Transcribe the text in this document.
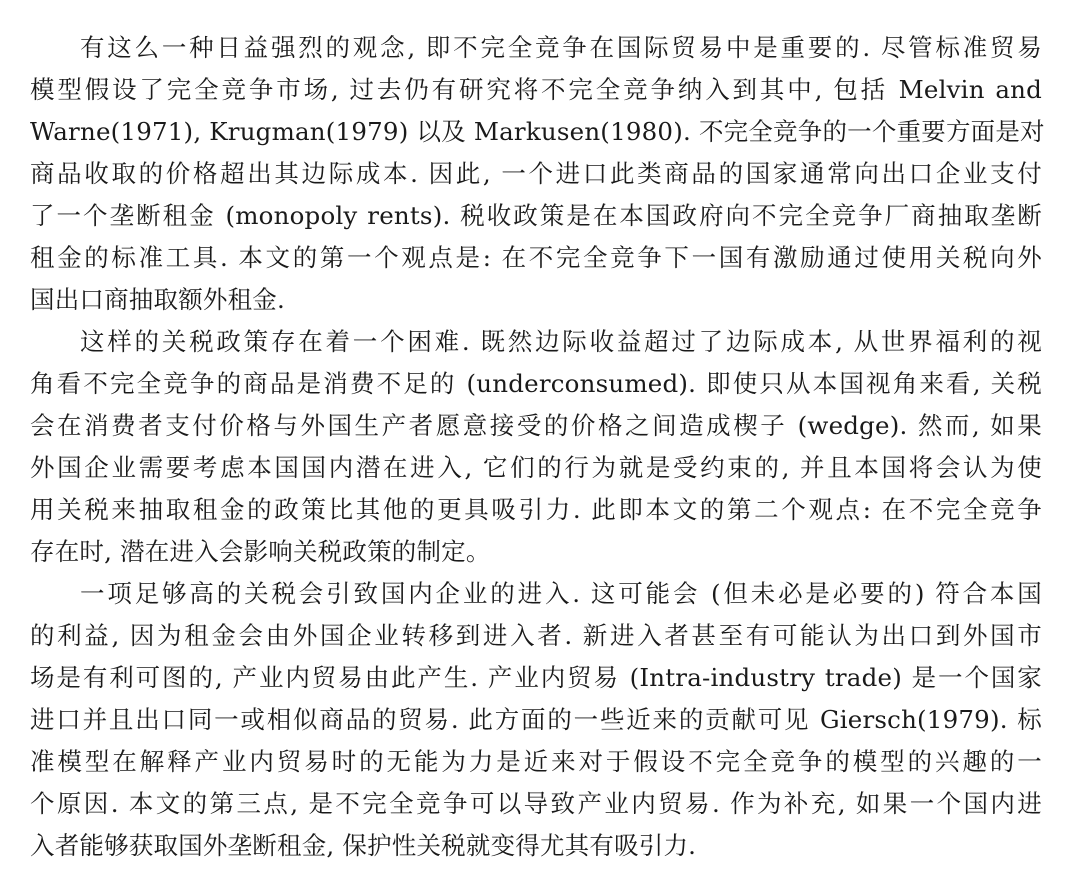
有这么一种日益强烈的观念, 即不完全竞争在国际贸易中是重要的. 尽管标准贸易
模型假设了完全竞争市场, 过去仍有研究将不完全竞争纳入到其中, 包括 Melvin and
Warne(1971), Krugman(1979) 以及 Markusen(1980). 不完全竞争的一个重要方面是对
商品收取的价格超出其边际成本. 因此, 一个进口此类商品的国家通常向出口企业支付
了一个垄断租金 (monopoly rents). 税收政策是在本国政府向不完全竞争厂商抽取垄断
租金的标准工具. 本文的第一个观点是: 在不完全竞争下一国有激励通过使用关税向外
国出口商抽取额外租金.
这样的关税政策存在着一个困难. 既然边际收益超过了边际成本, 从世界福利的视
角看不完全竞争的商品是消费不足的 (underconsumed). 即使只从本国视角来看, 关税
会在消费者支付价格与外国生产者愿意接受的价格之间造成楔子 (wedge). 然而, 如果
外国企业需要考虑本国国内潜在进入, 它们的行为就是受约束的, 并且本国将会认为使
用关税来抽取租金的政策比其他的更具吸引力. 此即本文的第二个观点: 在不完全竞争
存在时, 潜在进入会影响关税政策的制定。
一项足够高的关税会引致国内企业的进入. 这可能会 (但未必是必要的) 符合本国
的利益, 因为租金会由外国企业转移到进入者. 新进入者甚至有可能认为出口到外国市
场是有利可图的, 产业内贸易由此产生. 产业内贸易 (Intra-industry trade) 是一个国家
进口并且出口同一或相似商品的贸易. 此方面的一些近来的贡献可见 Giersch(1979). 标
准模型在解释产业内贸易时的无能为力是近来对于假设不完全竞争的模型的兴趣的一
个原因. 本文的第三点, 是不完全竞争可以导致产业内贸易. 作为补充, 如果一个国内进
入者能够获取国外垄断租金, 保护性关税就变得尤其有吸引力.
